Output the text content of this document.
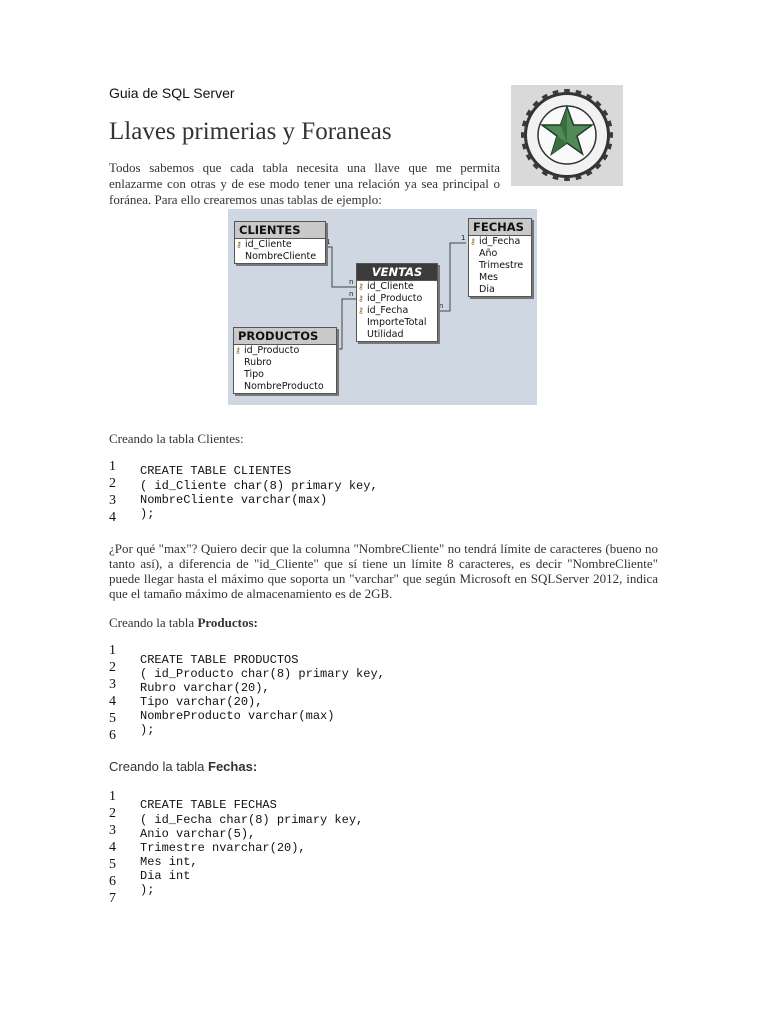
Guia de SQL Server
Llaves primerias y Foraneas
Todos sabemos que cada tabla necesita una llave que me permita enlazarme con otras y de ese modo tener una relación ya sea principal o foránea. Para ello crearemos unas tablas de ejemplo:
1
n
n
1
n
CLIENTES
⚷ id_Cliente
NombreCliente
FECHAS
⚷ id_Fecha
Año
Trimestre
Mes
Dia
VENTAS
⚷ id_Cliente
⚷ id_Producto
⚷ id_Fecha
ImporteTotal
Utilidad
PRODUCTOS
⚷ id_Producto
Rubro
Tipo
NombreProducto
Creando la tabla Clientes:
1
2
3
4
CREATE TABLE CLIENTES
( id_Cliente char(8) primary key,
NombreCliente varchar(max)
);
¿Por qué "max"? Quiero decir que la columna "NombreCliente" no tendrá límite de caracteres (bueno no tanto así), a diferencia de "id_Cliente" que sí tiene un límite 8 caracteres, es decir "NombreCliente" puede llegar hasta el máximo que soporta un "varchar" que según Microsoft en SQLServer 2012, indica que el tamaño máximo de almacenamiento es de 2GB.
Creando la tabla Productos:
1
2
3
4
5
6
CREATE TABLE PRODUCTOS
( id_Producto char(8) primary key,
Rubro varchar(20),
Tipo varchar(20),
NombreProducto varchar(max)
);
Creando la tabla Fechas:
1
2
3
4
5
6
7
CREATE TABLE FECHAS
( id_Fecha char(8) primary key,
Anio varchar(5),
Trimestre nvarchar(20),
Mes int,
Dia int
);
